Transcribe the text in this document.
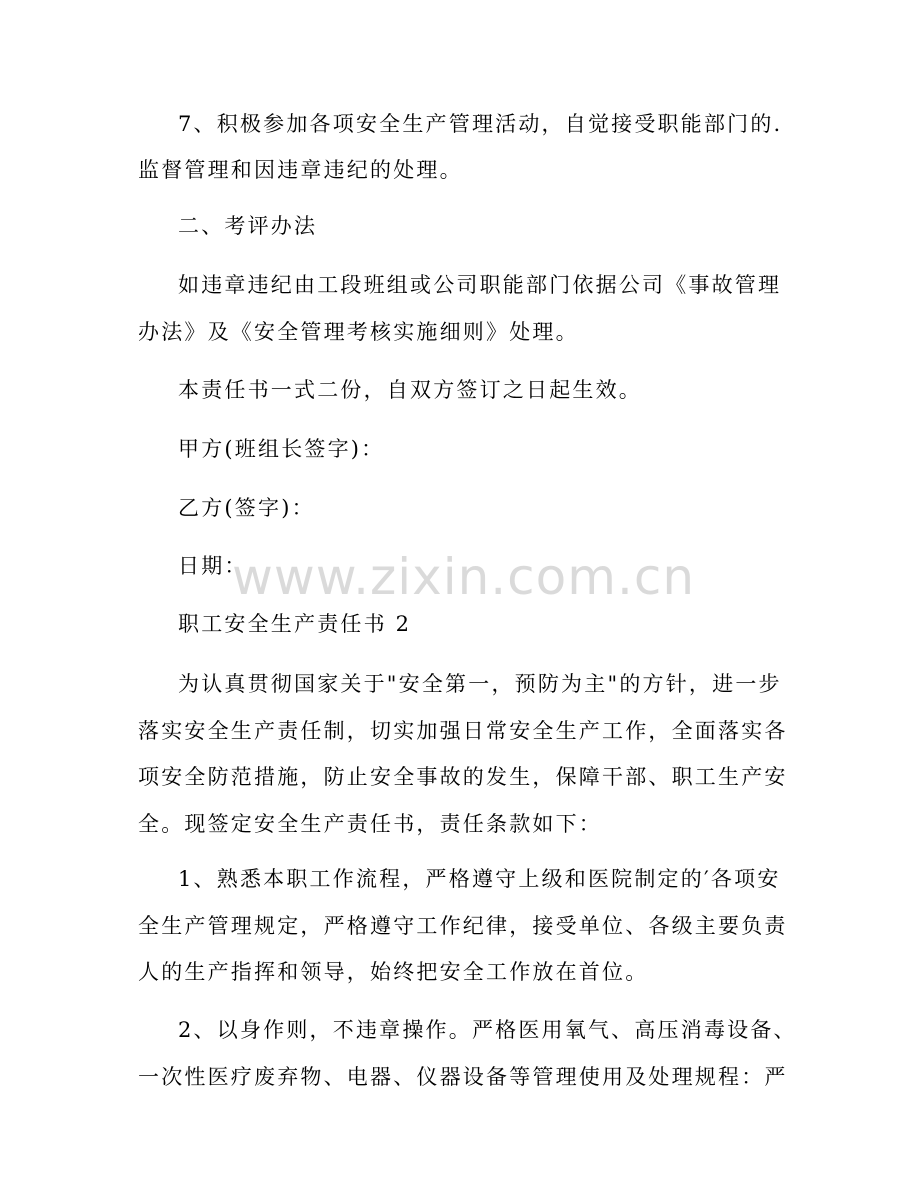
7、积极参加各项安全生产管理活动，自觉接受职能部门的.
监督管理和因违章违纪的处理。
二、考评办法
如违章违纪由工段班组或公司职能部门依据公司《事故管理
办法》及《安全管理考核实施细则》处理。
本责任书一式二份，自双方签订之日起生效。
甲方(班组长签字)：
乙方(签字)：
日期：
www.zixin.com.cn
职工安全生产责任书 2
为认真贯彻国家关于"安全第一，预防为主"的方针，进一步
落实安全生产责任制，切实加强日常安全生产工作，全面落实各
项安全防范措施，防止安全事故的发生，保障干部、职工生产安
全。现签定安全生产责任书，责任条款如下：
1、熟悉本职工作流程，严格遵守上级和医院制定的′各项安
全生产管理规定，严格遵守工作纪律，接受单位、各级主要负责
人的生产指挥和领导，始终把安全工作放在首位。
2、以身作则，不违章操作。严格医用氧气、高压消毒设备、
一次性医疗废弃物、电器、仪器设备等管理使用及处理规程：严
